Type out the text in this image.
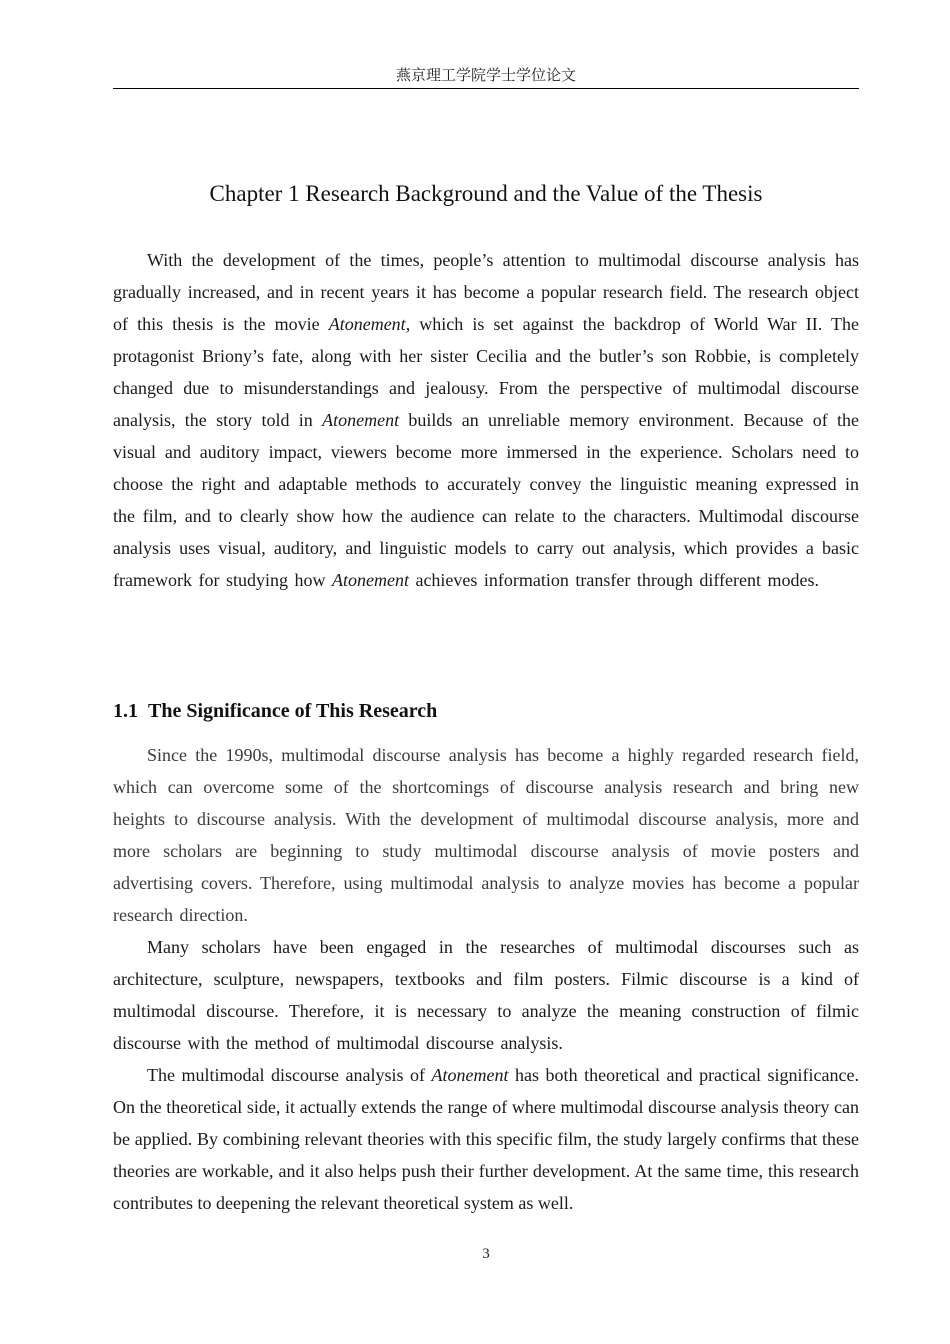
燕京理工学院学士学位论文
Chapter 1 Research Background and the Value of the Thesis

With the development of the times, people’s attention to multimodal discourse analysis has gradually increased, and in recent years it has become a popular research field. The research object of this thesis is the movie Atonement, which is set against the backdrop of World War II. The protagonist Briony’s fate, along with her sister Cecilia and the butler’s son Robbie, is completely changed due to misunderstandings and jealousy. From the perspective of multimodal discourse analysis, the story told in Atonement builds an unreliable memory environment. Because of the visual and auditory impact, viewers become more immersed in the experience. Scholars need to choose the right and adaptable methods to accurately convey the linguistic meaning expressed in the film, and to clearly show how the audience can relate to the characters. Multimodal discourse analysis uses visual, auditory, and linguistic models to carry out analysis, which provides a basic framework for studying how Atonement achieves information transfer through different modes.

1.1 The Significance of This Research

Since the 1990s, multimodal discourse analysis has become a highly regarded research field, which can overcome some of the shortcomings of discourse analysis research and bring new heights to discourse analysis. With the development of multimodal discourse analysis, more and more scholars are beginning to study multimodal discourse analysis of movie posters and advertising covers. Therefore, using multimodal analysis to analyze movies has become a popular research direction.

Many scholars have been engaged in the researches of multimodal discourses such as architecture, sculpture, newspapers, textbooks and film posters. Filmic discourse is a kind of multimodal discourse. Therefore, it is necessary to analyze the meaning construction of filmic discourse with the method of multimodal discourse analysis.

The multimodal discourse analysis of Atonement has both theoretical and practical significance. On the theoretical side, it actually extends the range of where multimodal discourse analysis theory can be applied. By combining relevant theories with this specific film, the study largely confirms that these theories are workable, and it also helps push their further development. At the same time, this research contributes to deepening the relevant theoretical system as well.

3
